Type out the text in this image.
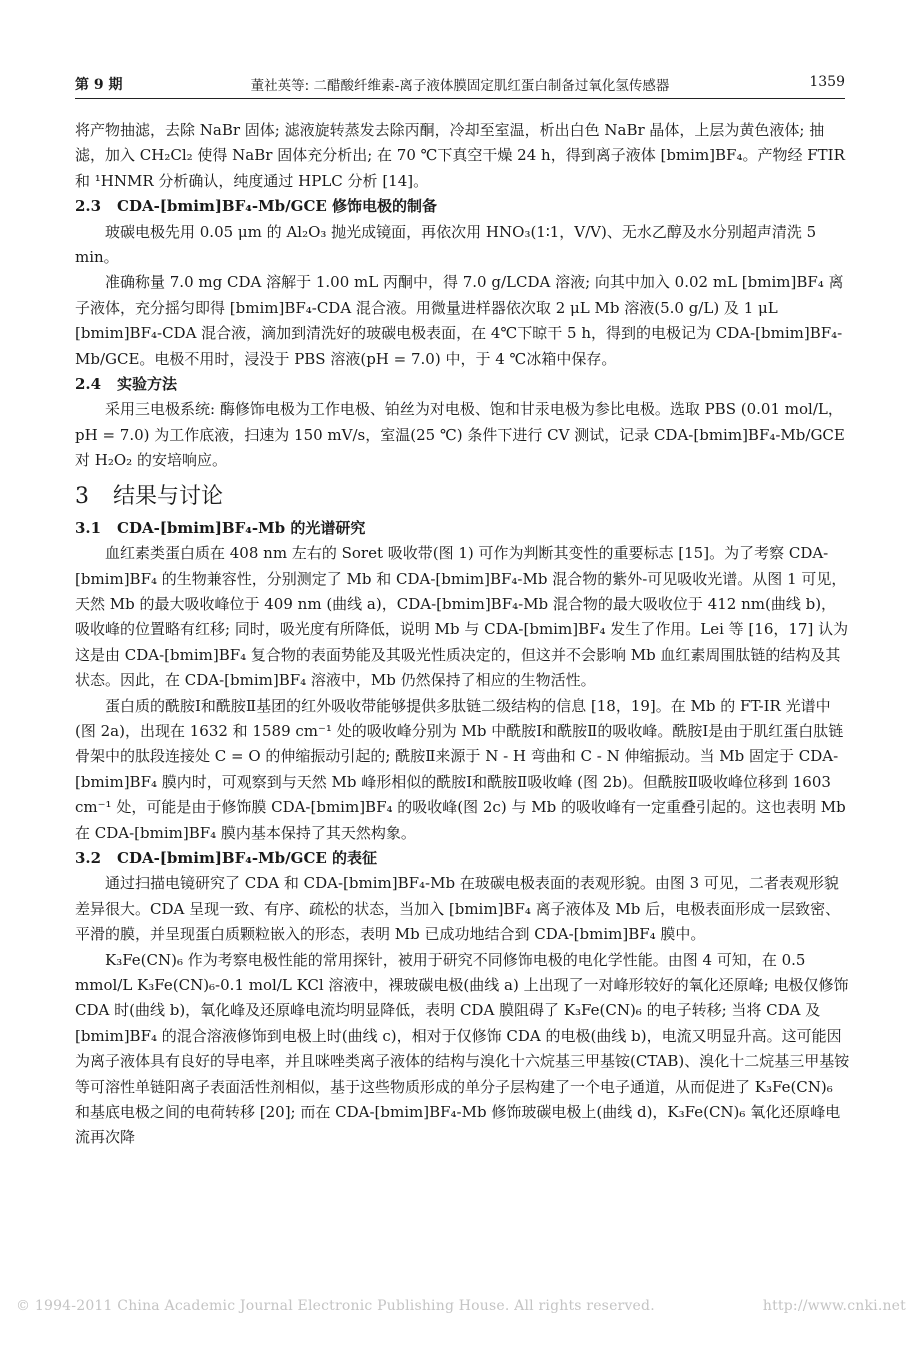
第 9 期	董社英等: 二醋酸纤维素-离子液体膜固定肌红蛋白制备过氧化氢传感器	1359

将产物抽滤，去除 NaBr 固体; 滤液旋转蒸发去除丙酮，冷却至室温，析出白色 NaBr 晶体，上层为黄色液体; 抽滤，加入 CH₂Cl₂ 使得 NaBr 固体充分析出; 在 70 ℃下真空干燥 24 h，得到离子液体 [bmim]BF₄。产物经 FTIR 和 ¹HNMR 分析确认，纯度通过 HPLC 分析 [14]。

2.3 CDA-[bmim]BF₄-Mb/GCE 修饰电极的制备

玻碳电极先用 0.05 μm 的 Al₂O₃ 抛光成镜面，再依次用 HNO₃(1∶1，V/V)、无水乙醇及水分别超声清洗 5 min。

准确称量 7.0 mg CDA 溶解于 1.00 mL 丙酮中，得 7.0 g/LCDA 溶液; 向其中加入 0.02 mL [bmim]BF₄ 离子液体，充分摇匀即得 [bmim]BF₄-CDA 混合液。用微量进样器依次取 2 μL Mb 溶液(5.0 g/L) 及 1 μL [bmim]BF₄-CDA 混合液，滴加到清洗好的玻碳电极表面，在 4℃下晾干 5 h，得到的电极记为 CDA-[bmim]BF₄-Mb/GCE。电极不用时，浸没于 PBS 溶液(pH = 7.0) 中，于 4 ℃冰箱中保存。

2.4 实验方法

采用三电极系统: 酶修饰电极为工作电极、铂丝为对电极、饱和甘汞电极为参比电极。选取 PBS (0.01 mol/L，pH = 7.0) 为工作底液，扫速为 150 mV/s，室温(25 ℃) 条件下进行 CV 测试，记录 CDA-[bmim]BF₄-Mb/GCE 对 H₂O₂ 的安培响应。

3 结果与讨论
3.1 CDA-[bmim]BF₄-Mb 的光谱研究

血红素类蛋白质在 408 nm 左右的 Soret 吸收带(图 1) 可作为判断其变性的重要标志 [15]。为了考察 CDA-[bmim]BF₄ 的生物兼容性，分别测定了 Mb 和 CDA-[bmim]BF₄-Mb 混合物的紫外-可见吸收光谱。从图 1 可见，天然 Mb 的最大吸收峰位于 409 nm (曲线 a)，CDA-[bmim]BF₄-Mb 混合物的最大吸收位于 412 nm(曲线 b)，吸收峰的位置略有红移; 同时，吸光度有所降低，说明 Mb 与 CDA-[bmim]BF₄ 发生了作用。Lei 等 [16，17] 认为这是由 CDA-[bmim]BF₄ 复合物的表面势能及其吸光性质决定的，但这并不会影响 Mb 血红素周围肽链的结构及其状态。因此，在 CDA-[bmim]BF₄ 溶液中，Mb 仍然保持了相应的生物活性。

蛋白质的酰胺Ⅰ和酰胺Ⅱ基团的红外吸收带能够提供多肽链二级结构的信息 [18，19]。在 Mb 的 FT-IR 光谱中(图 2a)，出现在 1632 和 1589 cm⁻¹ 处的吸收峰分别为 Mb 中酰胺Ⅰ和酰胺Ⅱ的吸收峰。酰胺Ⅰ是由于肌红蛋白肽链骨架中的肽段连接处 C = O 的伸缩振动引起的; 酰胺Ⅱ来源于 N - H 弯曲和 C - N 伸缩振动。当 Mb 固定于 CDA-[bmim]BF₄ 膜内时，可观察到与天然 Mb 峰形相似的酰胺Ⅰ和酰胺Ⅱ吸收峰 (图 2b)。但酰胺Ⅱ吸收峰位移到 1603 cm⁻¹ 处，可能是由于修饰膜 CDA-[bmim]BF₄ 的吸收峰(图 2c) 与 Mb 的吸收峰有一定重叠引起的。这也表明 Mb 在 CDA-[bmim]BF₄ 膜内基本保持了其天然构象。

3.2 CDA-[bmim]BF₄-Mb/GCE 的表征

通过扫描电镜研究了 CDA 和 CDA-[bmim]BF₄-Mb 在玻碳电极表面的表观形貌。由图 3 可见，二者表观形貌差异很大。CDA 呈现一致、有序、疏松的状态，当加入 [bmim]BF₄ 离子液体及 Mb 后，电极表面形成一层致密、平滑的膜，并呈现蛋白质颗粒嵌入的形态，表明 Mb 已成功地结合到 CDA-[bmim]BF₄ 膜中。

K₃Fe(CN)₆ 作为考察电极性能的常用探针，被用于研究不同修饰电极的电化学性能。由图 4 可知，在 0.5 mmol/L K₃Fe(CN)₆-0.1 mol/L KCl 溶液中，裸玻碳电极(曲线 a) 上出现了一对峰形较好的氧化还原峰; 电极仅修饰 CDA 时(曲线 b)，氧化峰及还原峰电流均明显降低，表明 CDA 膜阻碍了 K₃Fe(CN)₆ 的电子转移; 当将 CDA 及 [bmim]BF₄ 的混合溶液修饰到电极上时(曲线 c)，相对于仅修饰 CDA 的电极(曲线 b)，电流又明显升高。这可能因为离子液体具有良好的导电率，并且咪唑类离子液体的结构与溴化十六烷基三甲基铵(CTAB)、溴化十二烷基三甲基铵等可溶性单链阳离子表面活性剂相似，基于这些物质形成的单分子层构建了一个电子通道，从而促进了 K₃Fe(CN)₆ 和基底电极之间的电荷转移 [20]; 而在 CDA-[bmim]BF₄-Mb 修饰玻碳电极上(曲线 d)，K₃Fe(CN)₆ 氧化还原峰电流再次降

© 1994-2011 China Academic Journal Electronic Publishing House. All rights reserved.	http://www.cnki.net
